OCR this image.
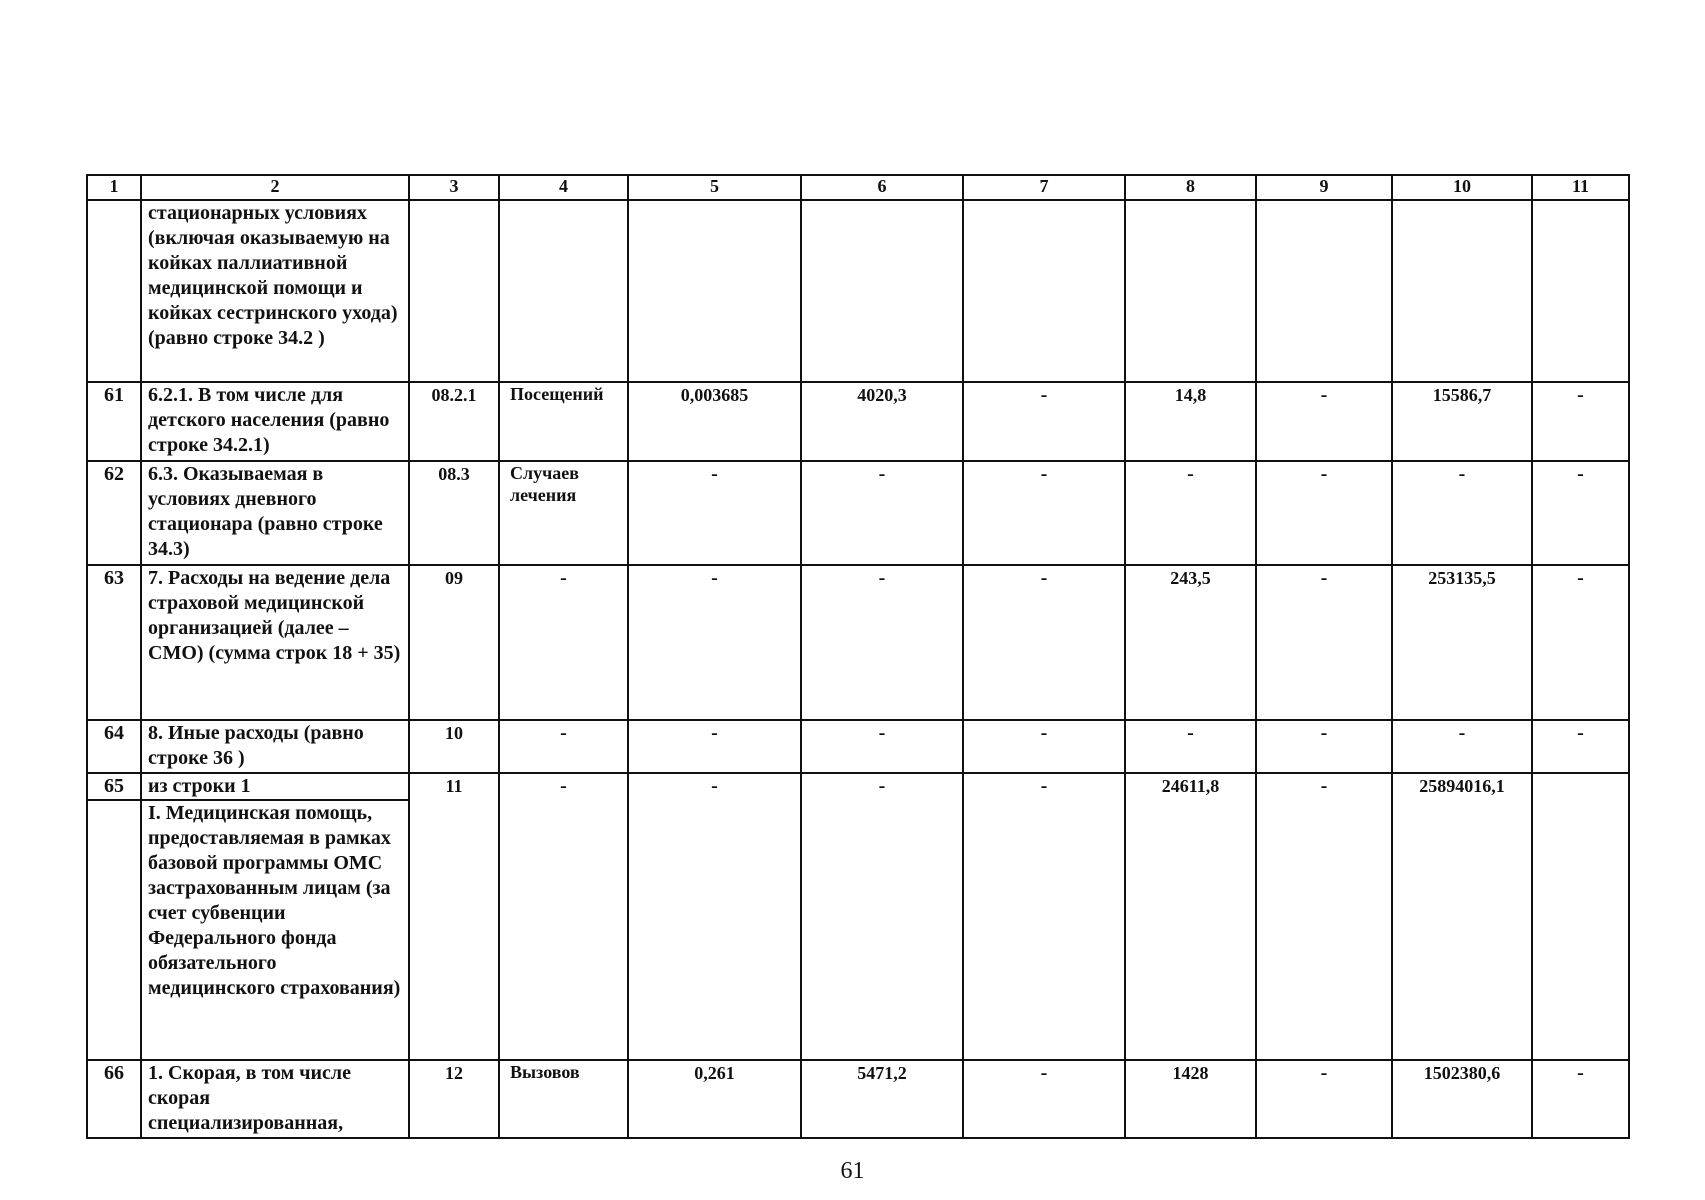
1	2	3	4	5	6	7	8	9	10	11
	стационарных условиях (включая оказываемую на койках паллиативной медицинской помощи и койках сестринского ухода) (равно строке 34.2 )									
61	6.2.1. В том числе для детского населения (равно строке 34.2.1)	08.2.1	Посещений	0,003685	4020,3	-	14,8	-	15586,7	-
62	6.3. Оказываемая в условиях дневного стационара (равно строке 34.3)	08.3	Случаев лечения	-	-	-	-	-	-	-
63	7. Расходы на ведение дела страховой медицинской организацией (далее – СМО) (сумма строк 18 + 35)	09	-	-	-	-	243,5	-	253135,5	-
64	8. Иные расходы (равно строке 36 )	10	-	-	-	-	-	-	-	-
65	из строки 1	11	-	-	-	-	24611,8	-	25894016,1	
	I. Медицинская помощь, предоставляемая в рамках базовой программы ОМС застрахованным лицам (за счет субвенции Федерального фонда обязательного медицинского страхования)									
66	1. Скорая, в том числе скорая специализированная,	12	Вызовов	0,261	5471,2	-	1428	-	1502380,6	-
61
